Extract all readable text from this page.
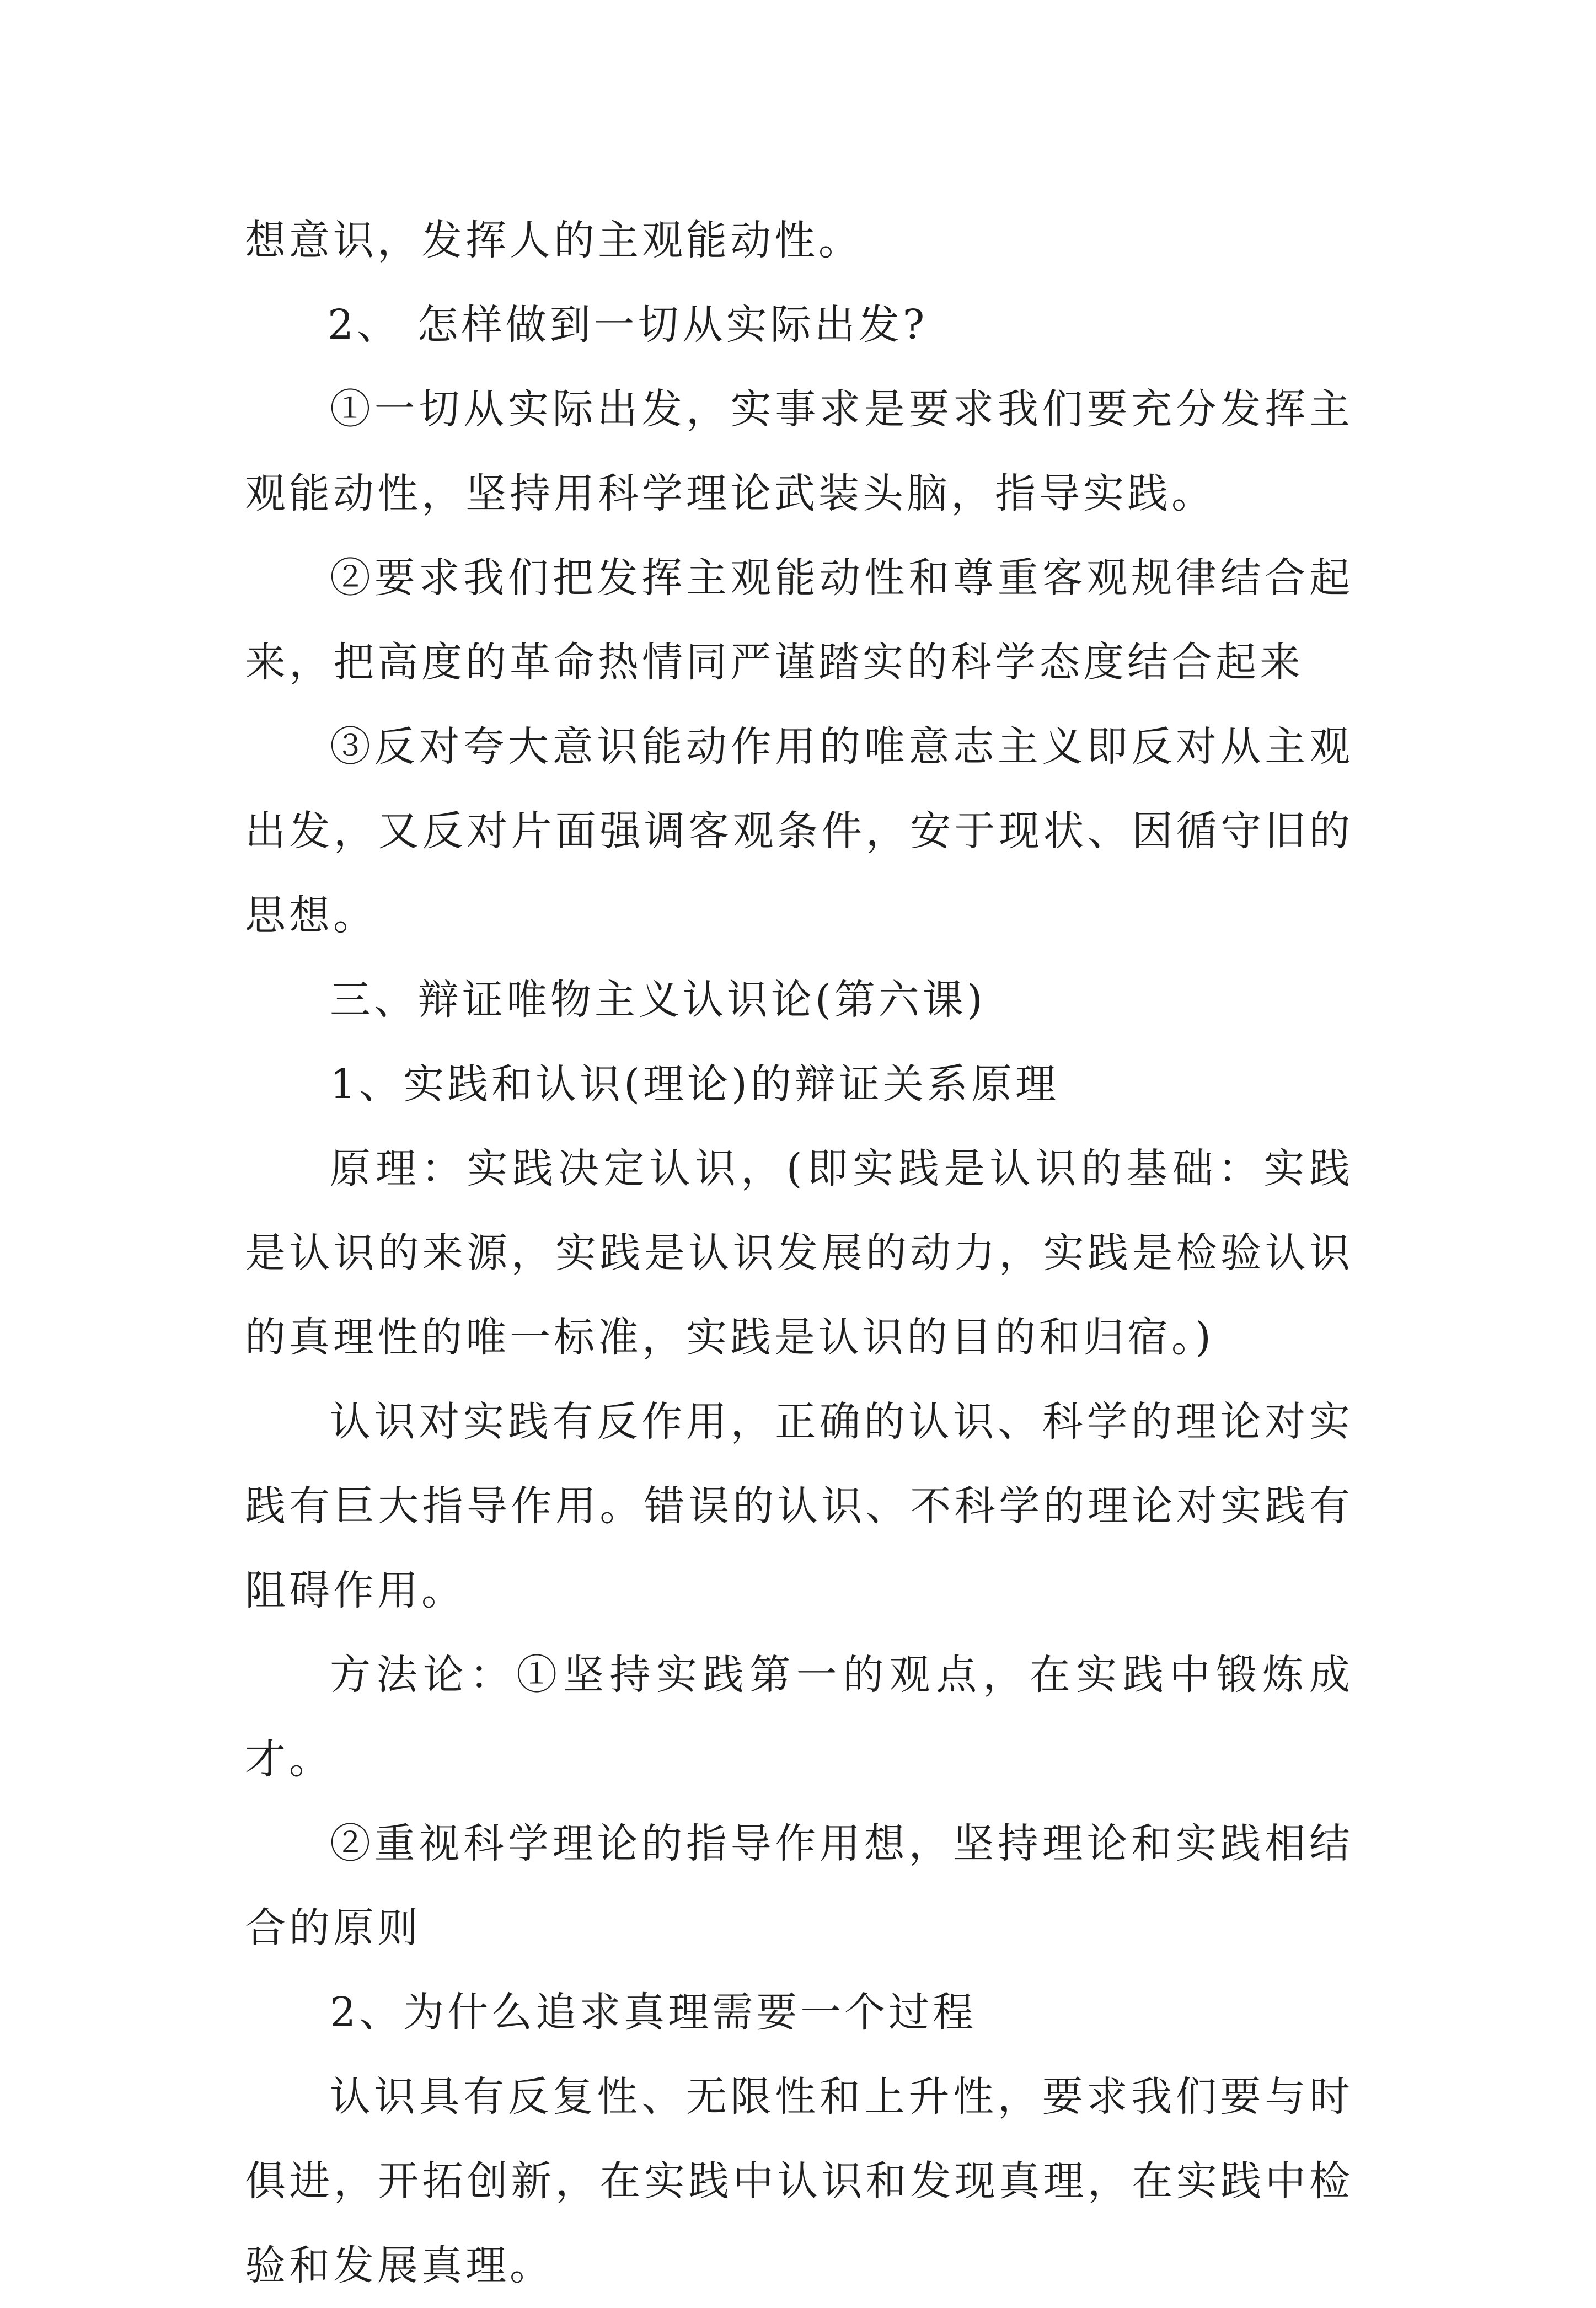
想意识，发挥人的主观能动性。

2、 怎样做到一切从实际出发?

①一切从实际出发，实事求是要求我们要充分发挥主观能动性，坚持用科学理论武装头脑，指导实践。

②要求我们把发挥主观能动性和尊重客观规律结合起来，把高度的革命热情同严谨踏实的科学态度结合起来

③反对夸大意识能动作用的唯意志主义即反对从主观出发，又反对片面强调客观条件，安于现状、因循守旧的思想。

三、辩证唯物主义认识论(第六课)

1、实践和认识(理论)的辩证关系原理

原理：实践决定认识，(即实践是认识的基础：实践是认识的来源，实践是认识发展的动力，实践是检验认识的真理性的唯一标准，实践是认识的目的和归宿。)

认识对实践有反作用，正确的认识、科学的理论对实践有巨大指导作用。错误的认识、不科学的理论对实践有阻碍作用。

方法论：①坚持实践第一的观点，在实践中锻炼成才。

②重视科学理论的指导作用想，坚持理论和实践相结合的原则

2、为什么追求真理需要一个过程

认识具有反复性、无限性和上升性，要求我们要与时俱进，开拓创新，在实践中认识和发现真理，在实践中检验和发展真理。
